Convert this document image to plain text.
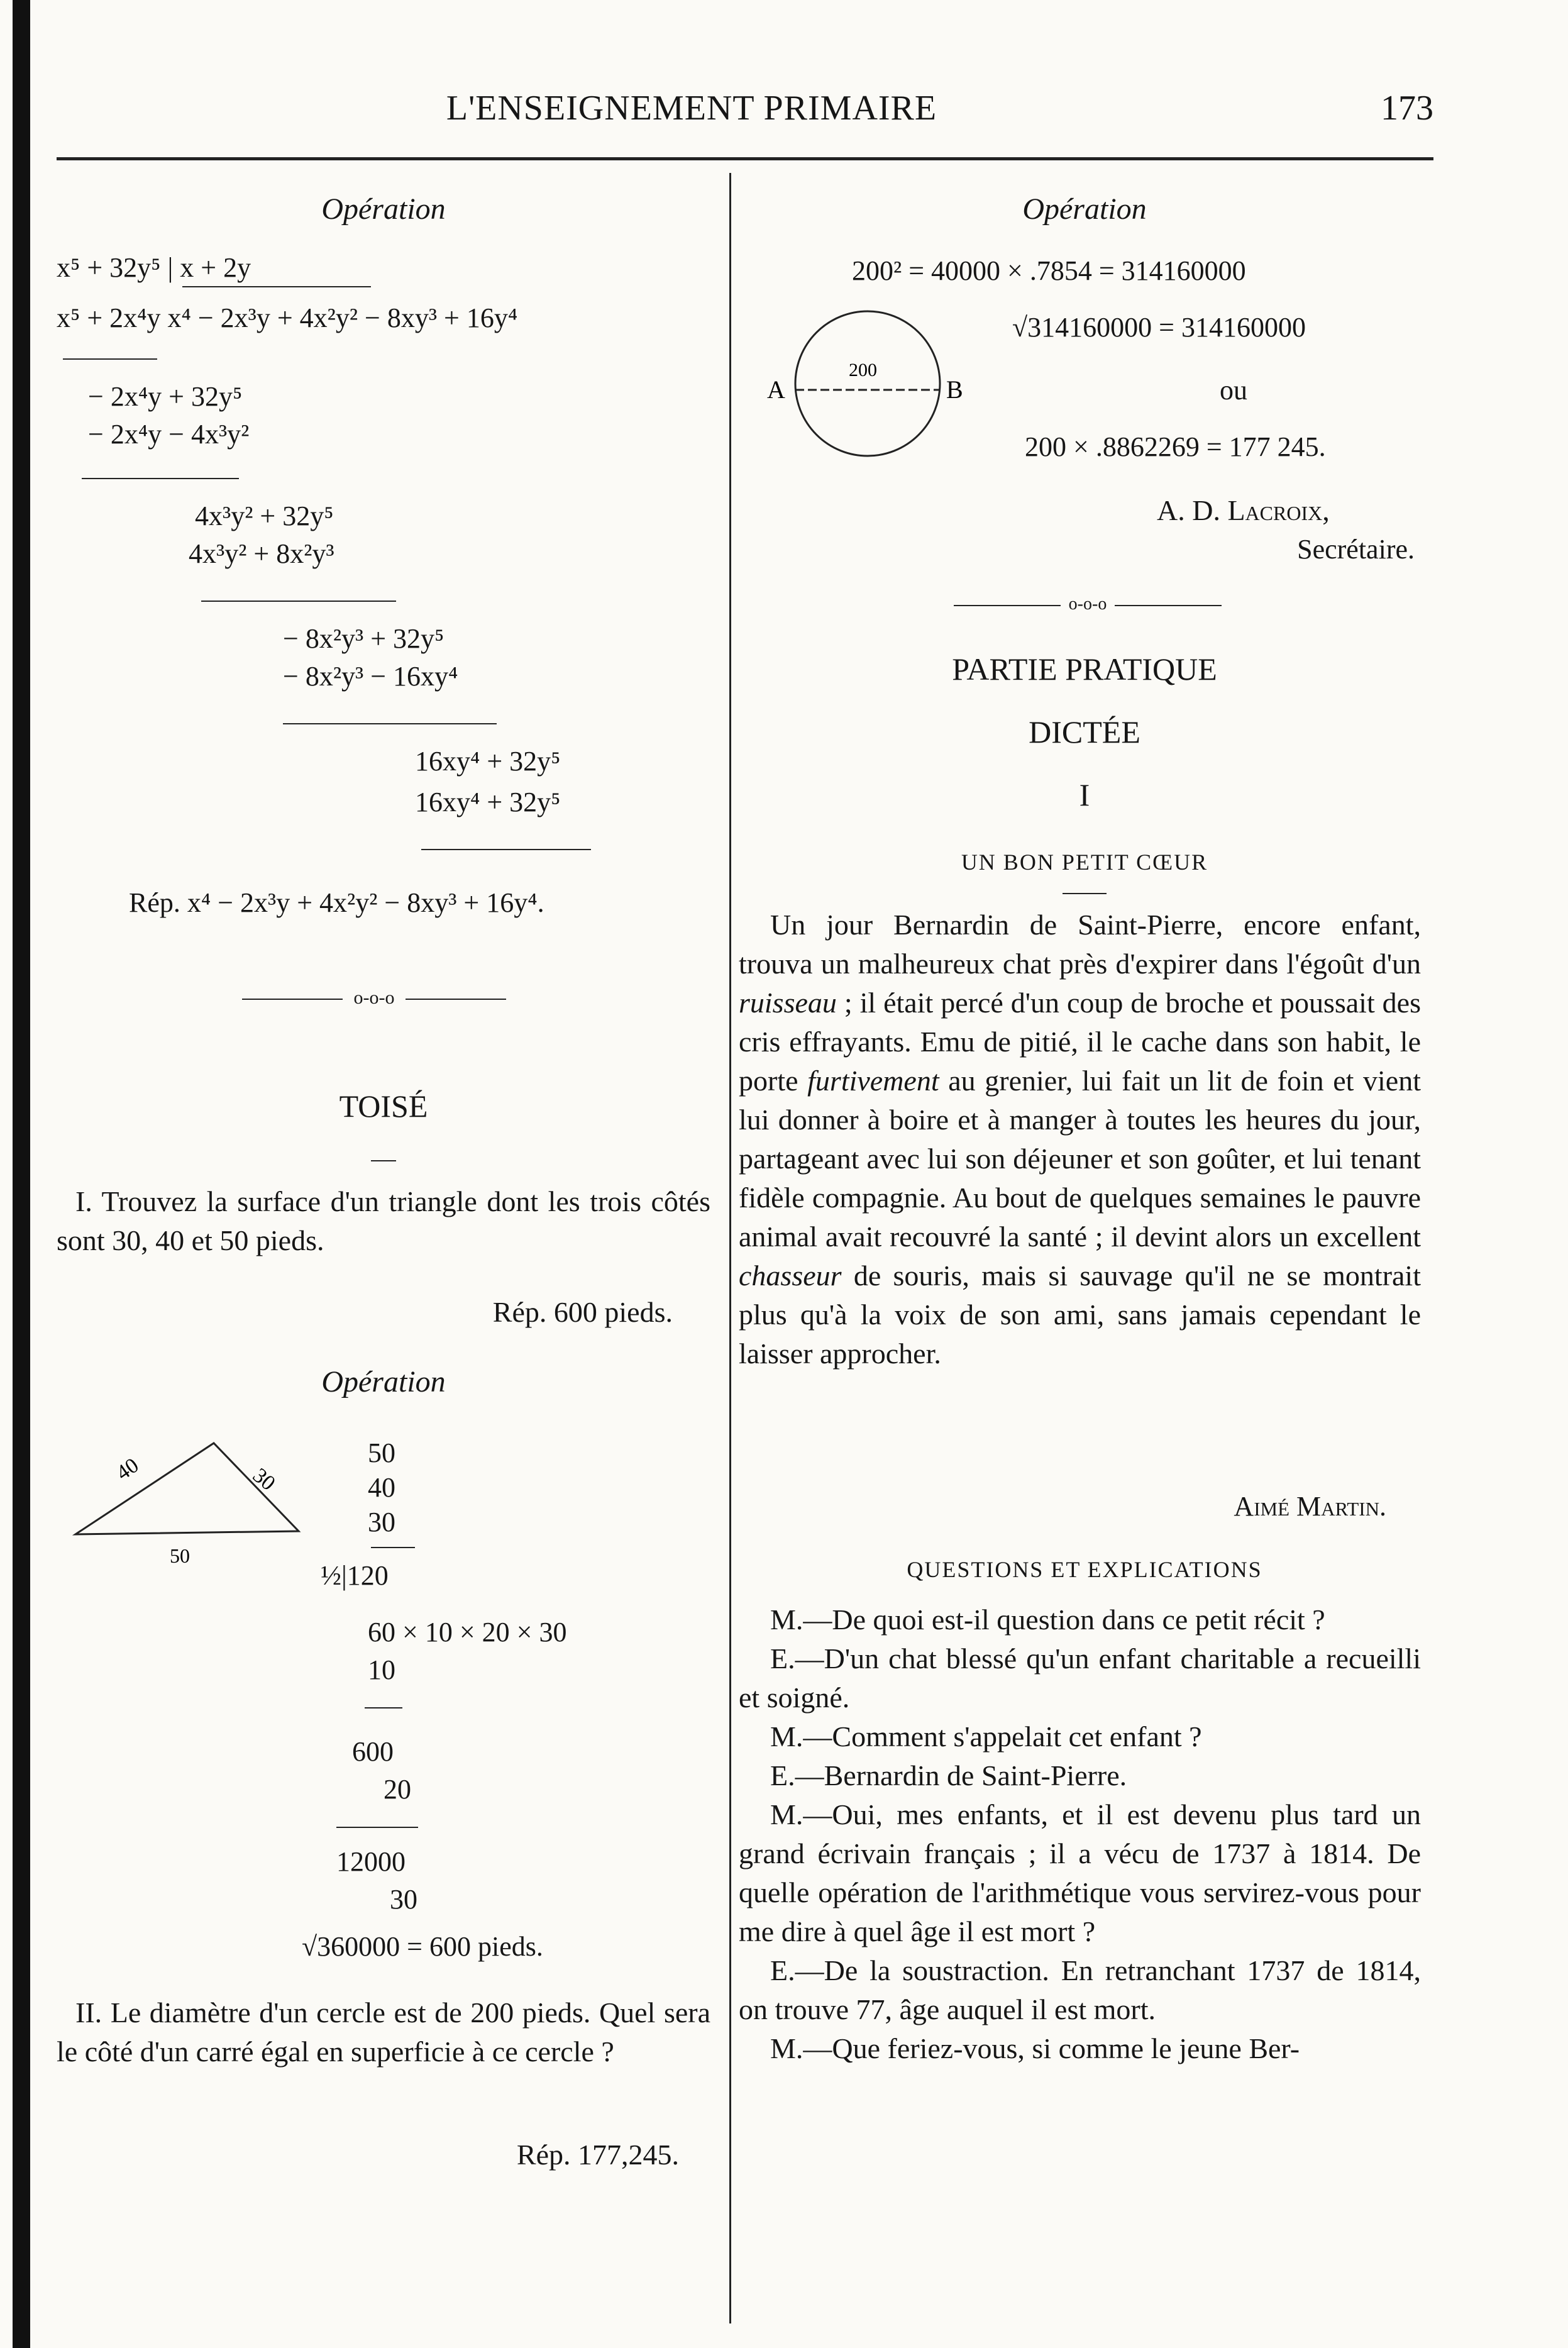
L'ENSEIGNEMENT PRIMAIRE	173
Opération
x⁵ + 32y⁵ | x + 2y
x⁵ + 2x⁴y x⁴ − 2x³y + 4x²y² − 8xy³ + 16y⁴
− 2x⁴y + 32y⁵
− 2x⁴y − 4x³y²
4x³y² + 32y⁵
4x³y² + 8x²y³
− 8x²y³ + 32y⁵
− 8x²y³ − 16xy⁴
16xy⁴ + 32y⁵
16xy⁴ + 32y⁵
Rép. x⁴ − 2x³y + 4x²y² − 8xy³ + 16y⁴.
o-o-o
TOISÉ
I. Trouvez la surface d'un triangle dont les trois côtés sont 30, 40 et 50 pieds.
Rép. 600 pieds.
Opération
40	30
50
50
40
30
½|120
60 × 10 × 20 × 30
10
600
20
12000
30
√360000 = 600 pieds.
II. Le diamètre d'un cercle est de 200 pieds. Quel sera le côté d'un carré égal en superficie à ce cercle ?
Rép. 177,245.
Opération
A	B
200
200² = 40000 × .7854 = 314160000
√314160000 = 314160000
ou
200 × .8862269 = 177 245.
A. D. Lacroix,
Secrétaire.
o-o-o
PARTIE PRATIQUE
DICTÉE
I
UN BON PETIT CŒUR
Un jour Bernardin de Saint-Pierre, encore enfant, trouva un malheureux chat près d'expirer dans l'égoût d'un ruisseau ; il était percé d'un coup de broche et poussait des cris effrayants. Emu de pitié, il le cache dans son habit, le porte furtivement au grenier, lui fait un lit de foin et vient lui donner à boire et à manger à toutes les heures du jour, partageant avec lui son déjeuner et son goûter, et lui tenant fidèle compagnie. Au bout de quelques semaines le pauvre animal avait recouvré la santé ; il devint alors un excellent chasseur de souris, mais si sauvage qu'il ne se montrait plus qu'à la voix de son ami, sans jamais cependant le laisser approcher.
Aimé Martin.
QUESTIONS ET EXPLICATIONS
M.—De quoi est-il question dans ce petit récit ?
E.—D'un chat blessé qu'un enfant charitable a recueilli et soigné.
M.—Comment s'appelait cet enfant ?
E.—Bernardin de Saint-Pierre.
M.—Oui, mes enfants, et il est devenu plus tard un grand écrivain français ; il a vécu de 1737 à 1814. De quelle opération de l'arithmétique vous servirez-vous pour me dire à quel âge il est mort ?
E.—De la soustraction. En retranchant 1737 de 1814, on trouve 77, âge auquel il est mort.
M.—Que feriez-vous, si comme le jeune Ber-
